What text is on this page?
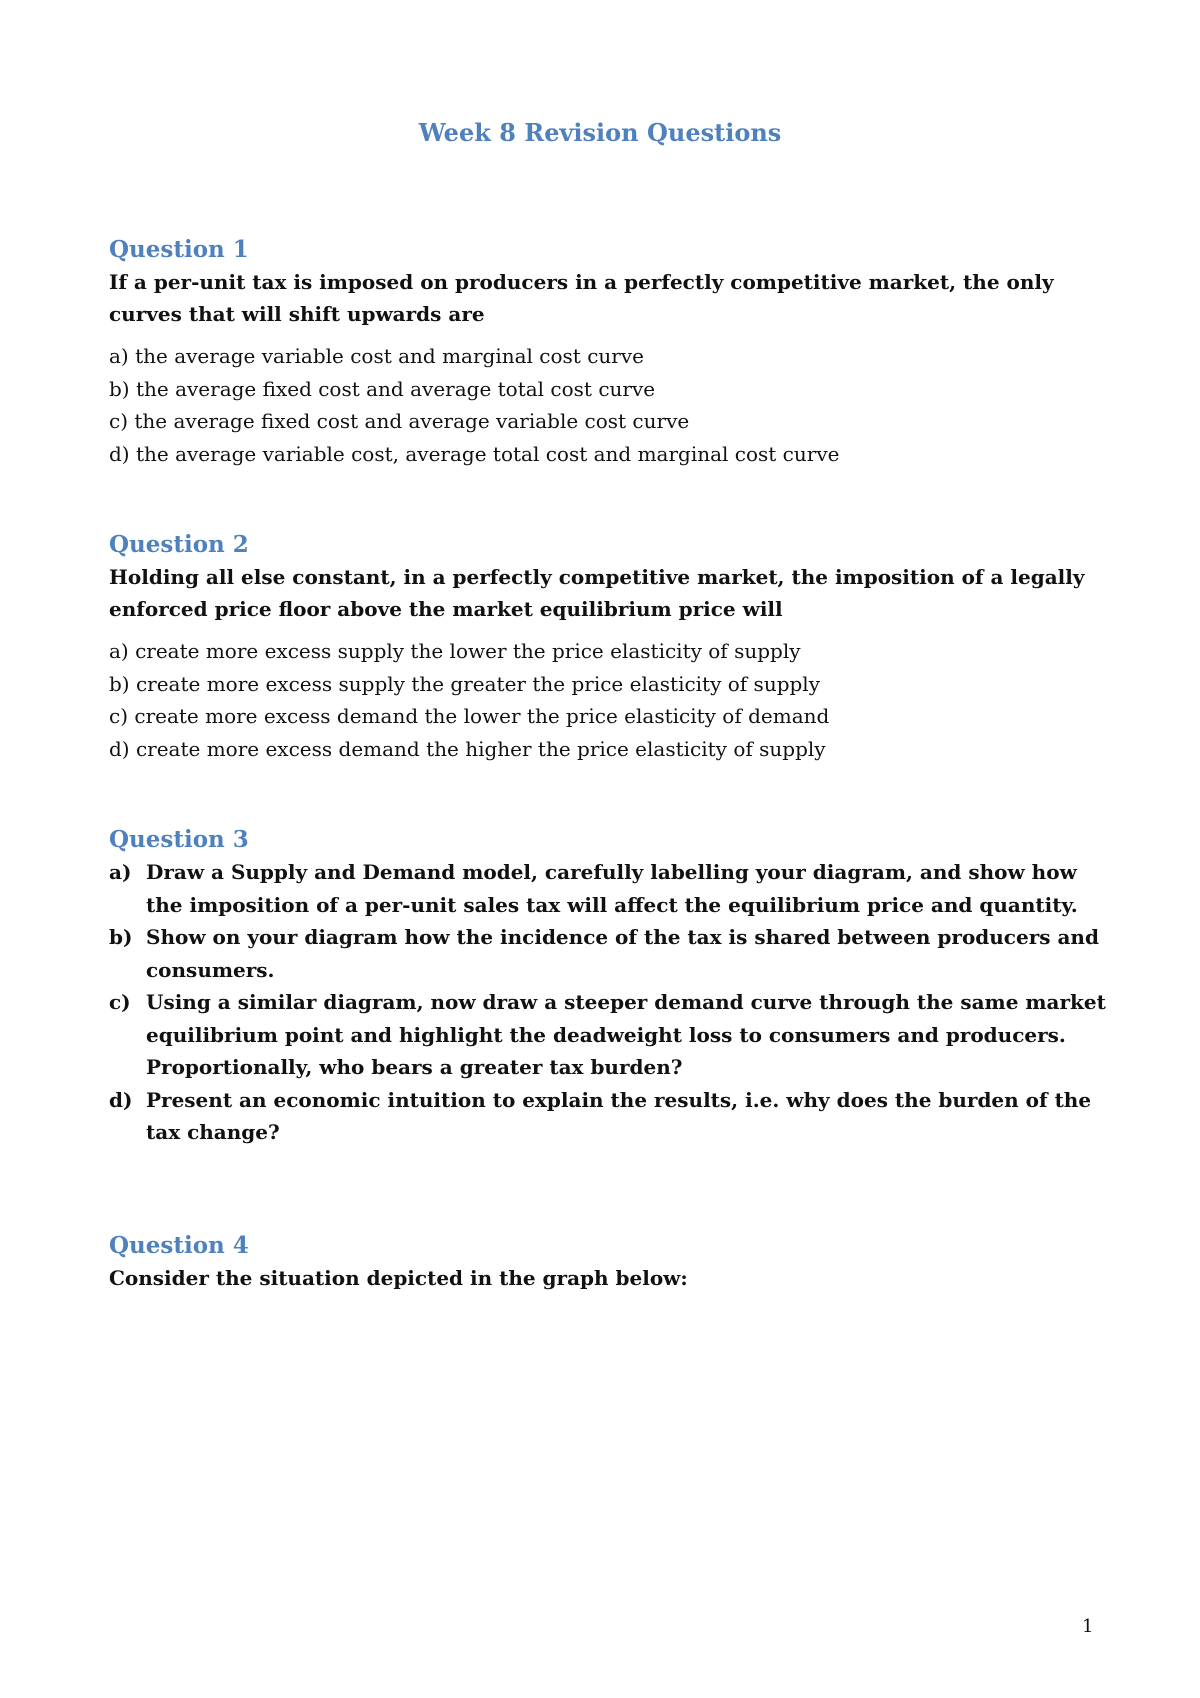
Week 8 Revision Questions
Question 1

If a per-unit tax is imposed on producers in a perfectly competitive market, the only curves that will shift upwards are

a) the average variable cost and marginal cost curve
b) the average fixed cost and average total cost curve
c) the average fixed cost and average variable cost curve
d) the average variable cost, average total cost and marginal cost curve
Question 2

Holding all else constant, in a perfectly competitive market, the imposition of a legally enforced price floor above the market equilibrium price will

a) create more excess supply the lower the price elasticity of supply
b) create more excess supply the greater the price elasticity of supply
c) create more excess demand the lower the price elasticity of demand
d) create more excess demand the higher the price elasticity of supply
Question 3
a) Draw a Supply and Demand model, carefully labelling your diagram, and show how the imposition of a per-unit sales tax will affect the equilibrium price and quantity.
b) Show on your diagram how the incidence of the tax is shared between producers and consumers.
c) Using a similar diagram, now draw a steeper demand curve through the same market equilibrium point and highlight the deadweight loss to consumers and producers. Proportionally, who bears a greater tax burden?
d) Present an economic intuition to explain the results, i.e. why does the burden of the tax change?
Question 4

Consider the situation depicted in the graph below:

1
